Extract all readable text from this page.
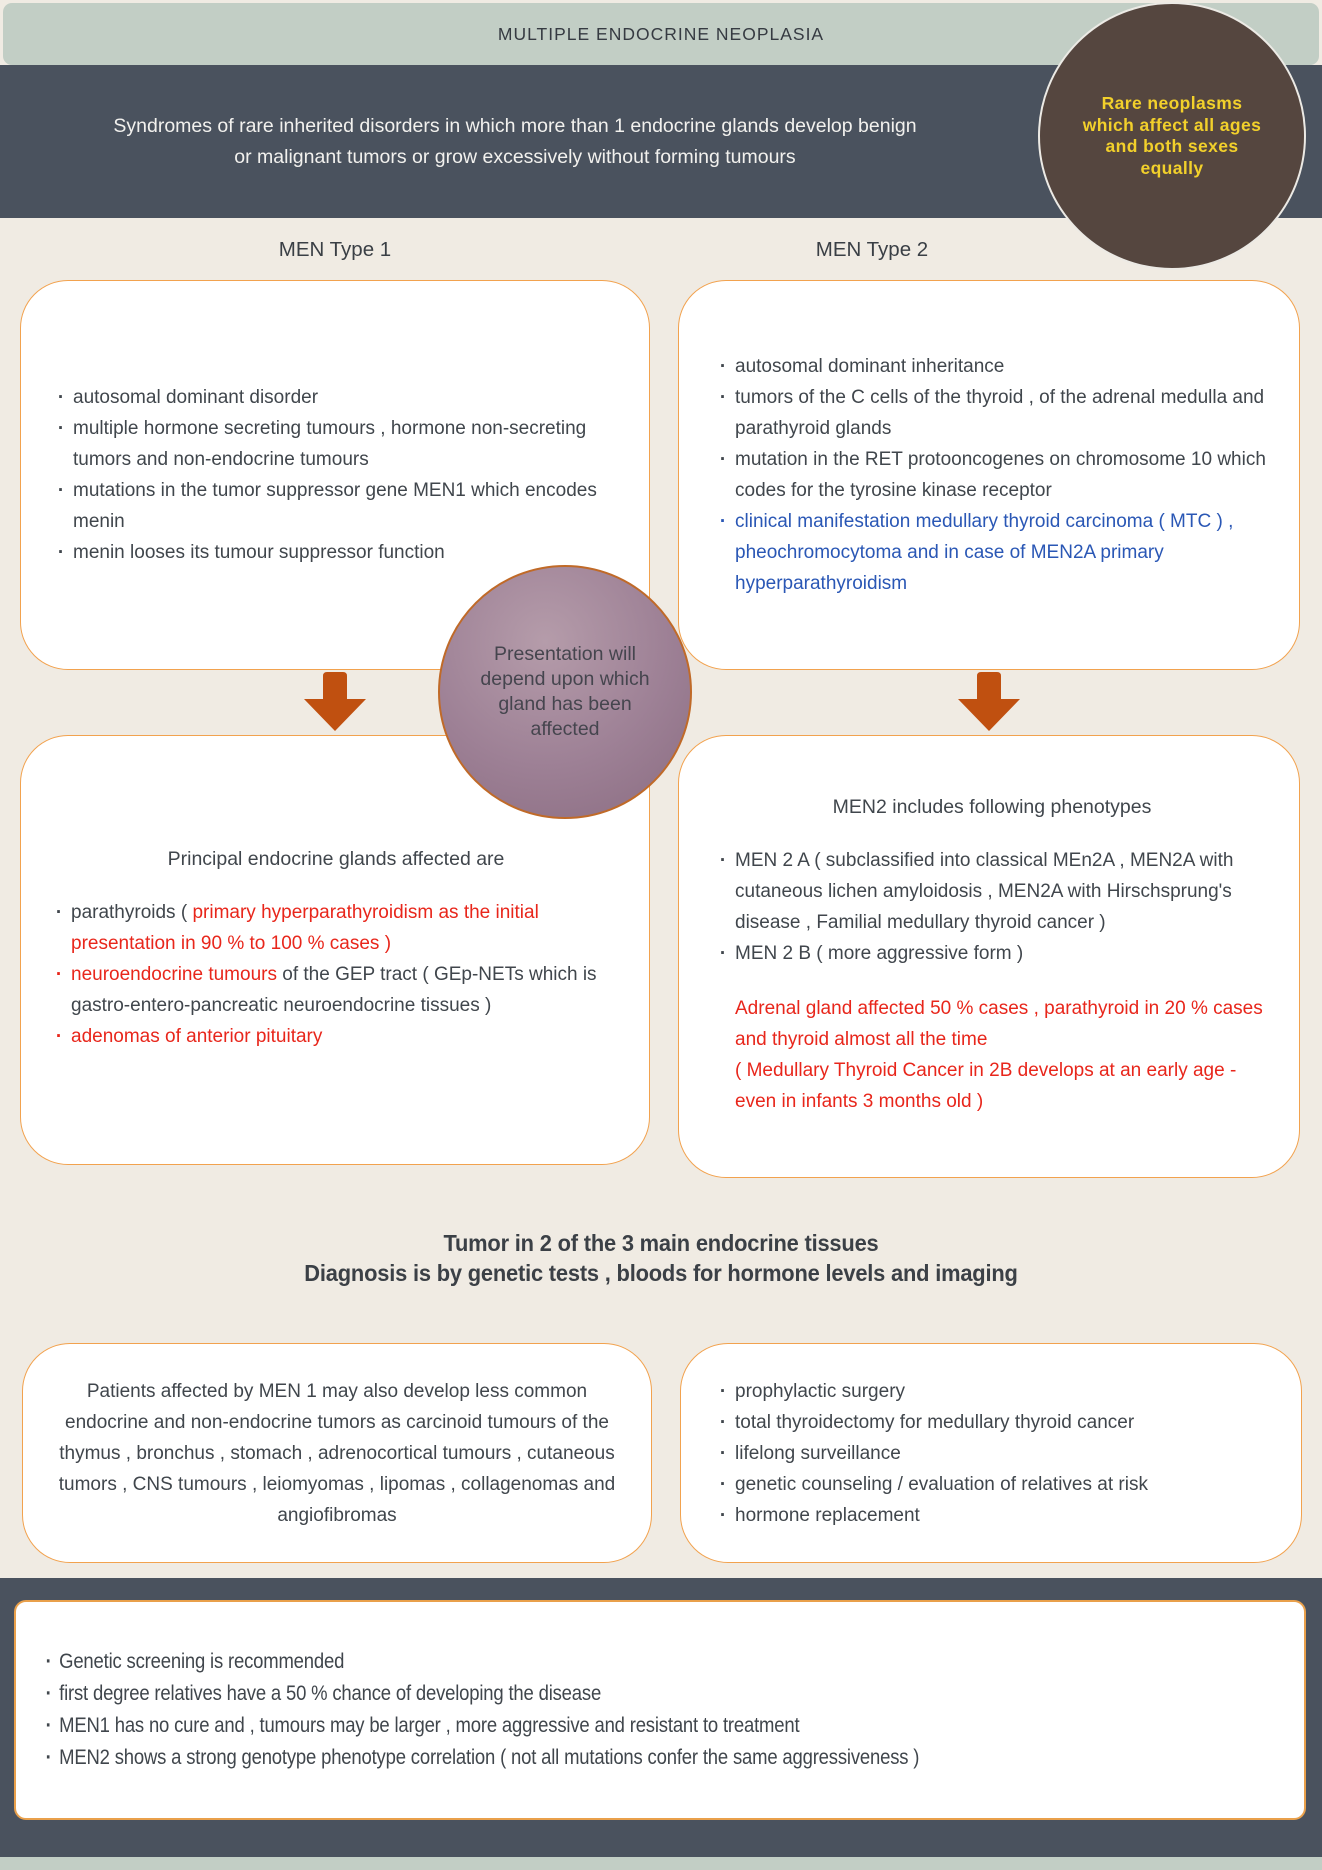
MULTIPLE ENDOCRINE NEOPLASIA
Syndromes of rare inherited disorders in which more than 1 endocrine glands develop benign
or malignant tumors or grow excessively without forming tumours
Rare neoplasms which affect all ages and both sexes equally
MEN Type 1	MEN Type 2
· autosomal dominant disorder
· multiple hormone secreting tumours , hormone non-secreting tumors and non-endocrine tumours
· mutations in the tumor suppressor gene MEN1 which encodes menin
· menin looses its tumour suppressor function
· autosomal dominant inheritance
· tumors of the C cells of the thyroid , of the adrenal medulla and parathyroid glands
· mutation in the RET protooncogenes on chromosome 10 which codes for the tyrosine kinase receptor
· clinical manifestation medullary thyroid carcinoma ( MTC ) , pheochromocytoma and in case of MEN2A primary hyperparathyroidism
Presentation will depend upon which gland has been affected
Principal endocrine glands affected are
· parathyroids ( primary hyperparathyroidism as the initial presentation in 90 % to 100 % cases )
· neuroendocrine tumours of the GEP tract ( GEp-NETs which is gastro-entero-pancreatic neuroendocrine tissues )
· adenomas of anterior pituitary
MEN2 includes following phenotypes
· MEN 2 A ( subclassified into classical MEn2A , MEN2A with cutaneous lichen amyloidosis , MEN2A with Hirschsprung's disease , Familial medullary thyroid cancer )
· MEN 2 B ( more aggressive form )
Adrenal gland affected 50 % cases , parathyroid in 20 % cases and thyroid almost all the time
( Medullary Thyroid Cancer in 2B develops at an early age -even in infants 3 months old )
Tumor in 2 of the 3 main endocrine tissues
Diagnosis is by genetic tests , bloods for hormone levels and imaging
Patients affected by MEN 1 may also develop less common endocrine and non-endocrine tumors as carcinoid tumours of the thymus , bronchus , stomach , adrenocortical tumours , cutaneous tumors , CNS tumours , leiomyomas , lipomas , collagenomas and angiofibromas
· prophylactic surgery
· total thyroidectomy for medullary thyroid cancer
· lifelong surveillance
· genetic counseling / evaluation of relatives at risk
· hormone replacement
· Genetic screening is recommended
· first degree relatives have a 50 % chance of developing the disease
· MEN1 has no cure and , tumours may be larger , more aggressive and resistant to treatment
· MEN2 shows a strong genotype phenotype correlation ( not all mutations confer the same aggressiveness )
